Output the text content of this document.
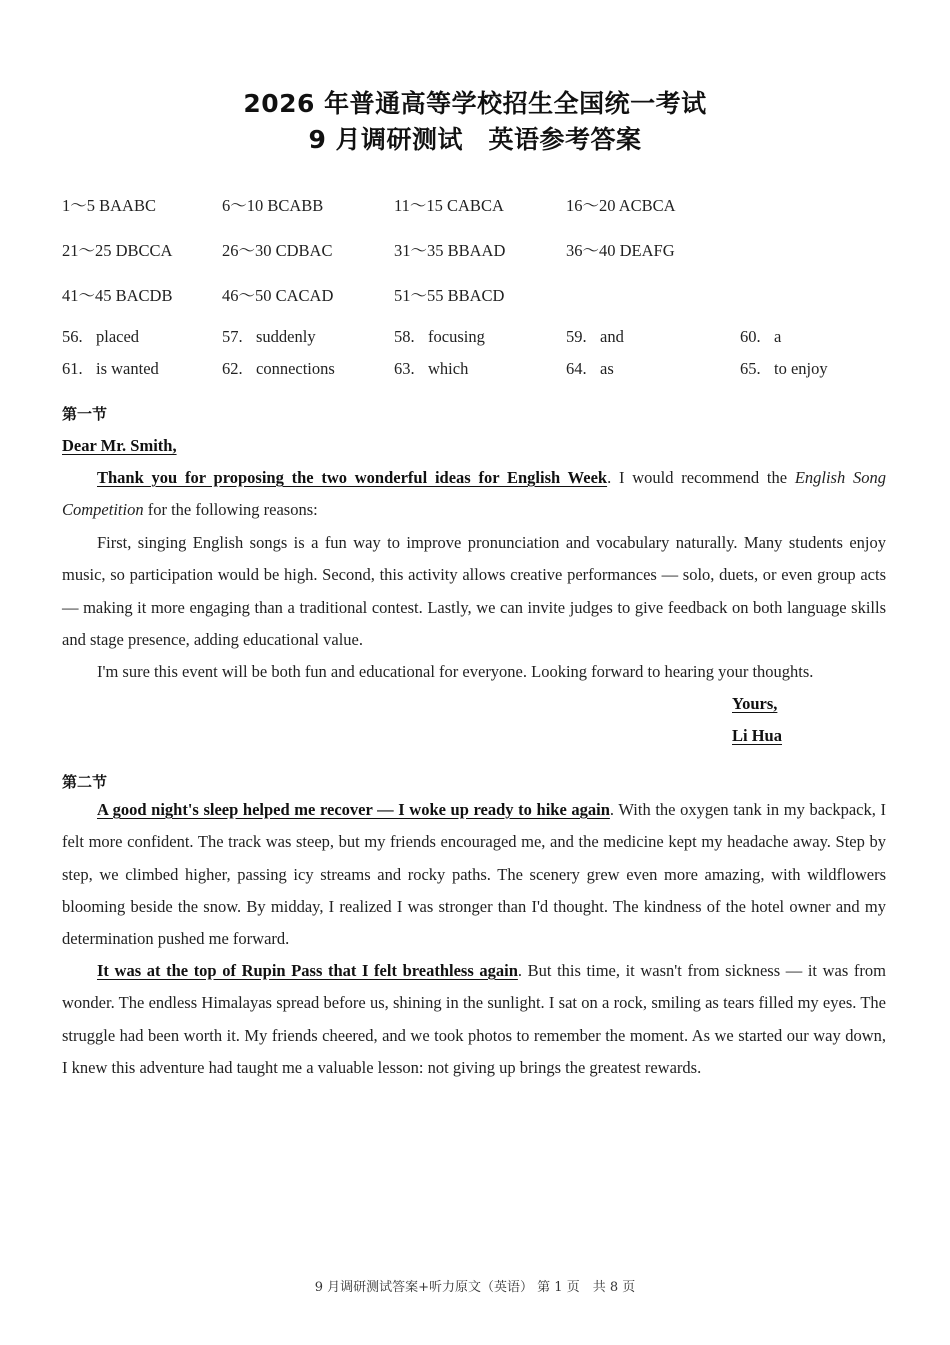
2026 年普通高等学校招生全国统一考试
9 月调研测试　英语参考答案
1～5 BAABC	6～10 BCABB	11～15 CABCA	16～20 ACBCA
21～25 DBCCA	26～30 CDBAC	31～35 BBAAD	36～40 DEAFG
41～45 BACDB	46～50 CACAD	51～55 BBACD
56. placed	57. suddenly	58. focusing	59. and	60. a
61. is wanted	62. connections	63. which	64. as	65. to enjoy
第一节
Dear Mr. Smith,

Thank you for proposing the two wonderful ideas for English Week. I would recommend the English Song Competition for the following reasons:

First, singing English songs is a fun way to improve pronunciation and vocabulary naturally. Many students enjoy music, so participation would be high. Second, this activity allows creative performances — solo, duets, or even group acts — making it more engaging than a traditional contest. Lastly, we can invite judges to give feedback on both language skills and stage presence, adding educational value.

I'm sure this event will be both fun and educational for everyone. Looking forward to hearing your thoughts.

Yours,
Li Hua
第二节

A good night's sleep helped me recover — I woke up ready to hike again. With the oxygen tank in my backpack, I felt more confident. The track was steep, but my friends encouraged me, and the medicine kept my headache away. Step by step, we climbed higher, passing icy streams and rocky paths. The scenery grew even more amazing, with wildflowers blooming beside the snow. By midday, I realized I was stronger than I'd thought. The kindness of the hotel owner and my determination pushed me forward.

It was at the top of Rupin Pass that I felt breathless again. But this time, it wasn't from sickness — it was from wonder. The endless Himalayas spread before us, shining in the sunlight. I sat on a rock, smiling as tears filled my eyes. The struggle had been worth it. My friends cheered, and we took photos to remember the moment. As we started our way down, I knew this adventure had taught me a valuable lesson: not giving up brings the greatest rewards.

9 月调研测试答案+听力原文（英语） 第 1 页　共 8 页
